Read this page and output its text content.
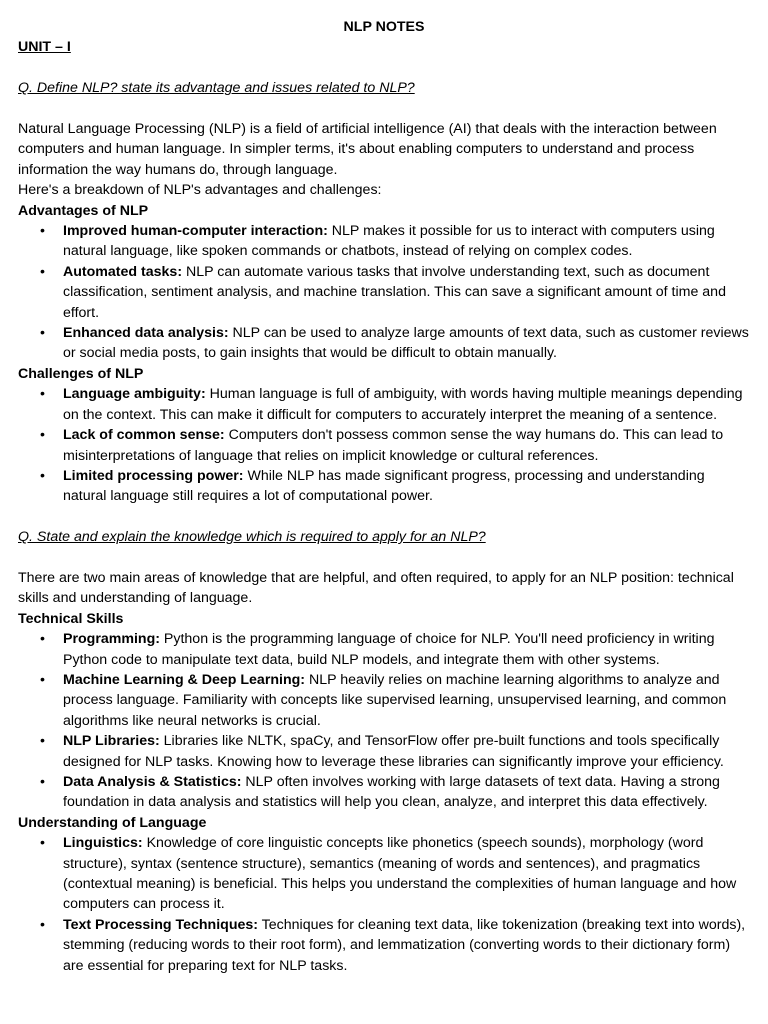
NLP NOTES

UNIT – I

Q. Define NLP? state its advantage and issues related to NLP?

Natural Language Processing (NLP) is a field of artificial intelligence (AI) that deals with the interaction between computers and human language. In simpler terms, it's about enabling computers to understand and process information the way humans do, through language.

Here's a breakdown of NLP's advantages and challenges:

Advantages of NLP

• Improved human-computer interaction: NLP makes it possible for us to interact with computers using natural language, like spoken commands or chatbots, instead of relying on complex codes.
• Automated tasks: NLP can automate various tasks that involve understanding text, such as document classification, sentiment analysis, and machine translation. This can save a significant amount of time and effort.
• Enhanced data analysis: NLP can be used to analyze large amounts of text data, such as customer reviews or social media posts, to gain insights that would be difficult to obtain manually.

Challenges of NLP

• Language ambiguity: Human language is full of ambiguity, with words having multiple meanings depending on the context. This can make it difficult for computers to accurately interpret the meaning of a sentence.
• Lack of common sense: Computers don't possess common sense the way humans do. This can lead to misinterpretations of language that relies on implicit knowledge or cultural references.
• Limited processing power: While NLP has made significant progress, processing and understanding natural language still requires a lot of computational power.

Q. State and explain the knowledge which is required to apply for an NLP?

There are two main areas of knowledge that are helpful, and often required, to apply for an NLP position: technical skills and understanding of language.

Technical Skills

• Programming: Python is the programming language of choice for NLP. You'll need proficiency in writing Python code to manipulate text data, build NLP models, and integrate them with other systems.
• Machine Learning & Deep Learning: NLP heavily relies on machine learning algorithms to analyze and process language. Familiarity with concepts like supervised learning, unsupervised learning, and common algorithms like neural networks is crucial.
• NLP Libraries: Libraries like NLTK, spaCy, and TensorFlow offer pre-built functions and tools specifically designed for NLP tasks. Knowing how to leverage these libraries can significantly improve your efficiency.
• Data Analysis & Statistics: NLP often involves working with large datasets of text data. Having a strong foundation in data analysis and statistics will help you clean, analyze, and interpret this data effectively.

Understanding of Language

• Linguistics: Knowledge of core linguistic concepts like phonetics (speech sounds), morphology (word structure), syntax (sentence structure), semantics (meaning of words and sentences), and pragmatics (contextual meaning) is beneficial. This helps you understand the complexities of human language and how computers can process it.
• Text Processing Techniques: Techniques for cleaning text data, like tokenization (breaking text into words), stemming (reducing words to their root form), and lemmatization (converting words to their dictionary form) are essential for preparing text for NLP tasks.
